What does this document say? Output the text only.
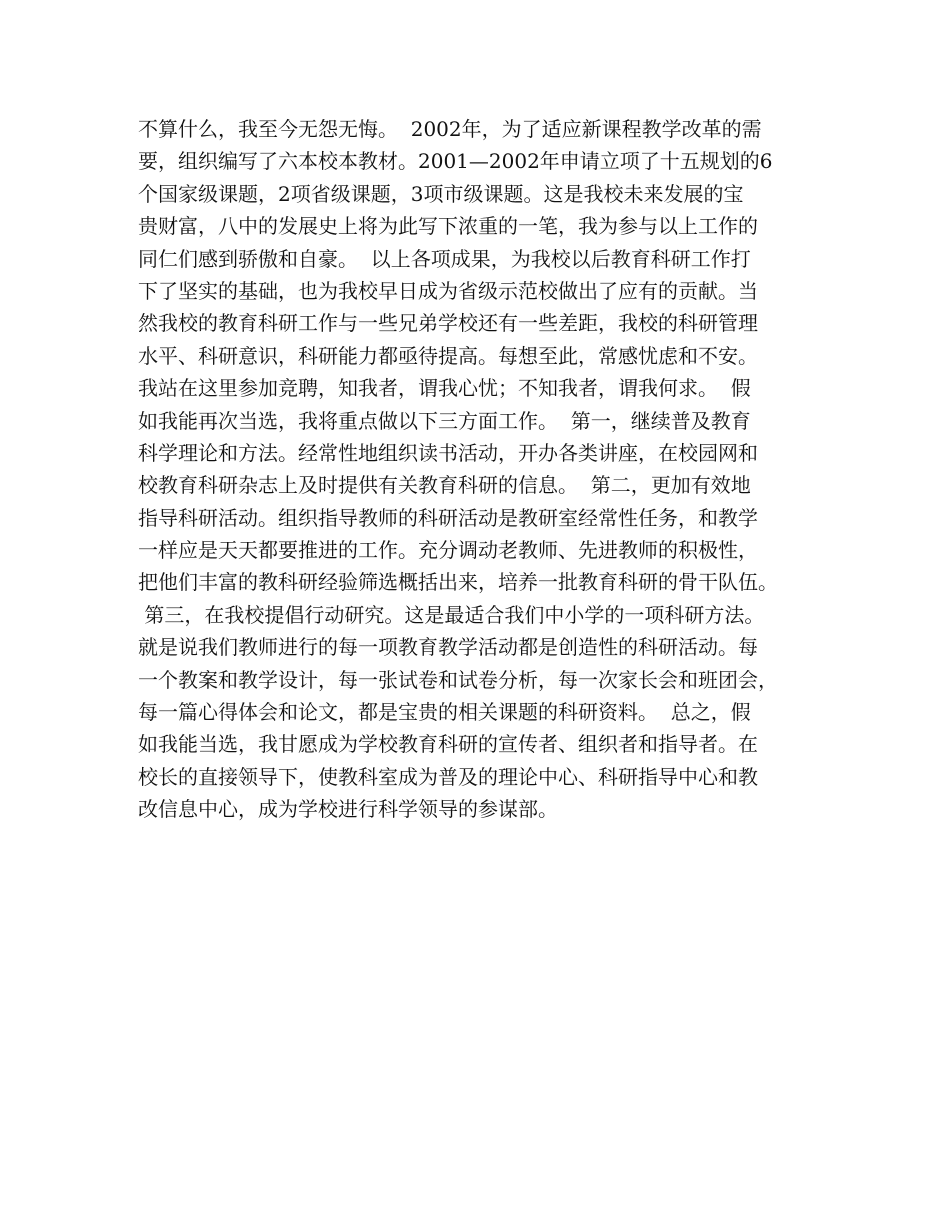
不算什么，我至今无怨无悔。  2002年，为了适应新课程教学改革的需
要，组织编写了六本校本教材。2001—2002年申请立项了十五规划的6
个国家级课题，2项省级课题，3项市级课题。这是我校未来发展的宝
贵财富，八中的发展史上将为此写下浓重的一笔，我为参与以上工作的
同仁们感到骄傲和自豪。  以上各项成果，为我校以后教育科研工作打
下了坚实的基础，也为我校早日成为省级示范校做出了应有的贡献。当
然我校的教育科研工作与一些兄弟学校还有一些差距，我校的科研管理
水平、科研意识，科研能力都亟待提高。每想至此，常感忧虑和不安。
我站在这里参加竞聘，知我者，谓我心忧；不知我者，谓我何求。  假
如我能再次当选，我将重点做以下三方面工作。  第一，继续普及教育
科学理论和方法。经常性地组织读书活动，开办各类讲座，在校园网和
校教育科研杂志上及时提供有关教育科研的信息。  第二，更加有效地
指导科研活动。组织指导教师的科研活动是教研室经常性任务，和教学
一样应是天天都要推进的工作。充分调动老教师、先进教师的积极性，
把他们丰富的教科研经验筛选概括出来，培养一批教育科研的骨干队伍。
第三，在我校提倡行动研究。这是最适合我们中小学的一项科研方法。
就是说我们教师进行的每一项教育教学活动都是创造性的科研活动。每
一个教案和教学设计，每一张试卷和试卷分析，每一次家长会和班团会，
每一篇心得体会和论文，都是宝贵的相关课题的科研资料。  总之，假
如我能当选，我甘愿成为学校教育科研的宣传者、组织者和指导者。在
校长的直接领导下，使教科室成为普及的理论中心、科研指导中心和教
改信息中心，成为学校进行科学领导的参谋部。
